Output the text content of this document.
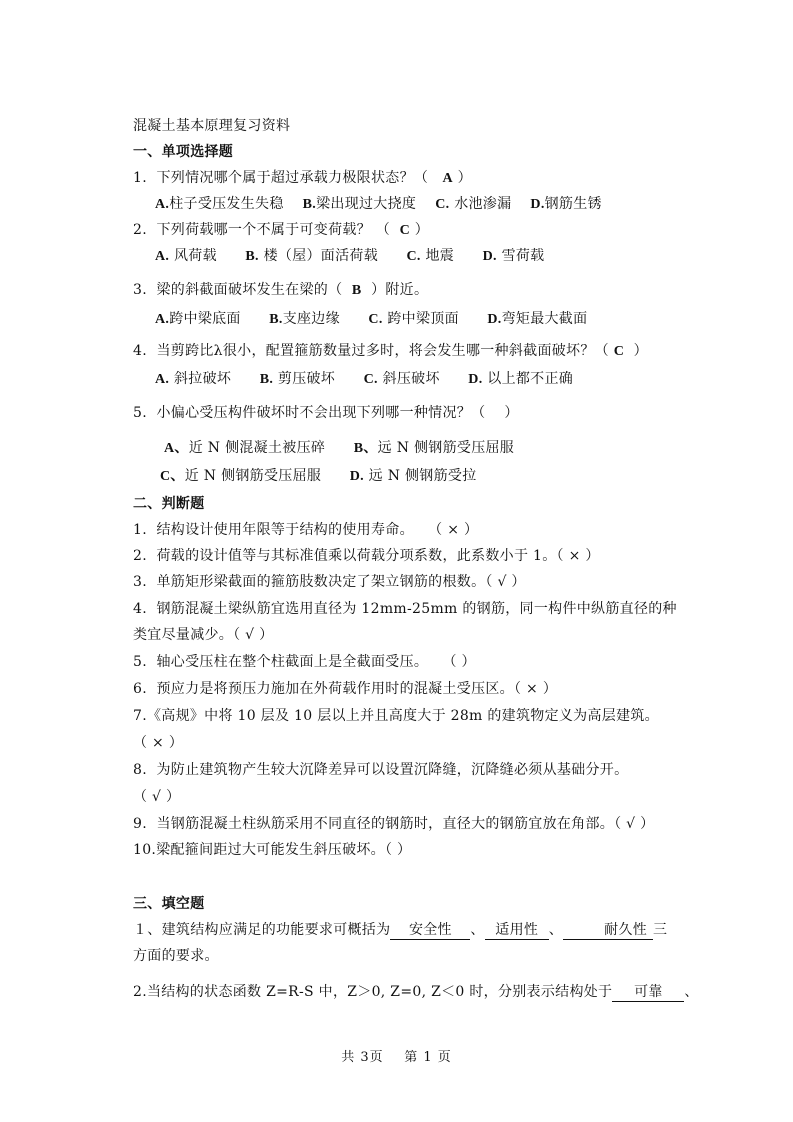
混凝土基本原理复习资料
一、单项选择题
1. 下列情况哪个属于超过承载力极限状态？（ A ）
A.柱子受压发生失稳 B.梁出现过大挠度 C. 水池渗漏 D.钢筋生锈
2. 下列荷载哪一个不属于可变荷载？ （ C ）
A. 风荷载 B. 楼（屋）面活荷载 C. 地震 D. 雪荷载
3. 梁的斜截面破坏发生在梁的（ B ）附近。
A.跨中梁底面 B.支座边缘 C. 跨中梁顶面 D.弯矩最大截面
4. 当剪跨比λ很小，配置箍筋数量过多时，将会发生哪一种斜截面破坏？（ C ）
A. 斜拉破坏 B. 剪压破坏 C. 斜压破坏 D. 以上都不正确
5. 小偏心受压构件破坏时不会出现下列哪一种情况？（ ）
A、近 N 侧混凝土被压碎 B、远 N 侧钢筋受压屈服
C、近 N 侧钢筋受压屈服 D. 远 N 侧钢筋受拉
二、判断题
1. 结构设计使用年限等于结构的使用寿命。 （ × ）
2. 荷载的设计值等与其标准值乘以荷载分项系数，此系数小于 1。（ × ）
3. 单筋矩形梁截面的箍筋肢数决定了架立钢筋的根数。（ √ ）
4. 钢筋混凝土梁纵筋宜选用直径为 12mm-25mm 的钢筋，同一构件中纵筋直径的种
类宜尽量减少。（ √ ）
5. 轴心受压柱在整个柱截面上是全截面受压。 （ ）
6. 预应力是将预压力施加在外荷载作用时的混凝土受压区。（ × ）
7.《高规》中将 10 层及 10 层以上并且高度大于 28m 的建筑物定义为高层建筑。
（ × ）
8. 为防止建筑物产生较大沉降差异可以设置沉降缝，沉降缝必须从基础分开。
（ √ ）
9. 当钢筋混凝土柱纵筋采用不同直径的钢筋时，直径大的钢筋宜放在角部。（ √ ）
10.梁配箍间距过大可能发生斜压破坏。（ ）
三、填空题
１、建筑结构应满足的功能要求可概括为 安全性 、 适用性 、	耐久性 三
方面的要求。
2.当结构的状态函数 Z=R-S 中，Z＞0, Z=0, Z＜0 时，分别表示结构处于 可靠 、
共 3页 第 1 页
